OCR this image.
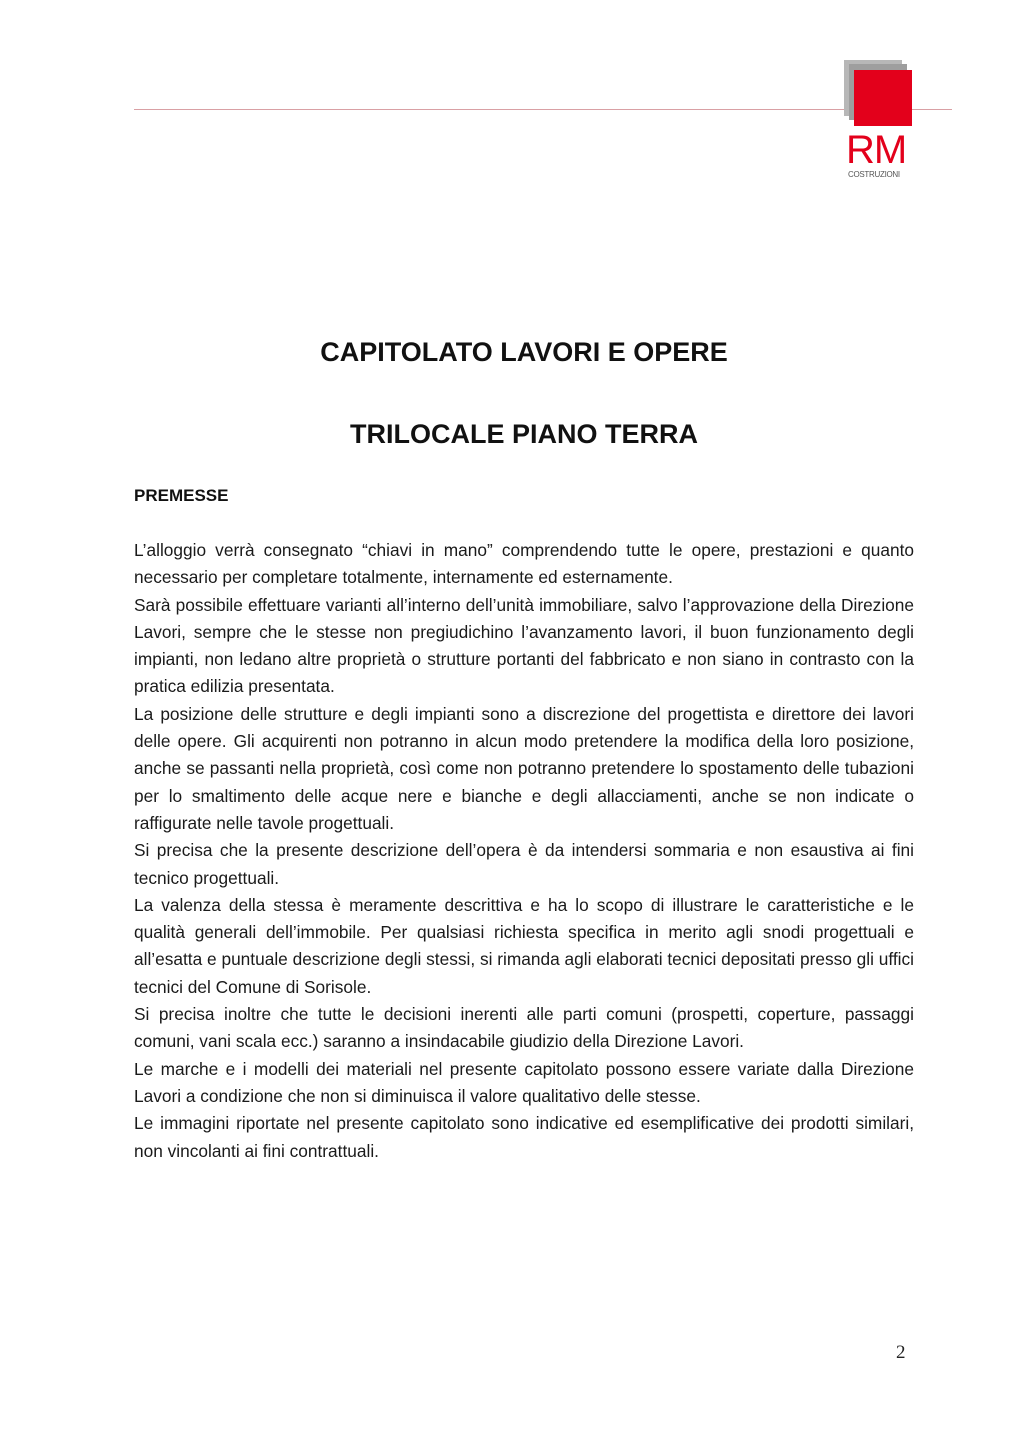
RM
COSTRUZIONI
CAPITOLATO LAVORI E OPERE
TRILOCALE PIANO TERRA
PREMESSE

L’alloggio verrà consegnato “chiavi in mano” comprendendo tutte le opere, prestazioni e quanto necessario per completare totalmente, internamente ed esternamente.

Sarà possibile effettuare varianti all’interno dell’unità immobiliare, salvo l’approvazione della Direzione Lavori, sempre che le stesse non pregiudichino l’avanzamento lavori, il buon funzionamento degli impianti, non ledano altre proprietà o strutture portanti del fabbricato e non siano in contrasto con la pratica edilizia presentata.

La posizione delle strutture e degli impianti sono a discrezione del progettista e direttore dei lavori delle opere. Gli acquirenti non potranno in alcun modo pretendere la modifica della loro posizione, anche se passanti nella proprietà, così come non potranno pretendere lo spostamento delle tubazioni per lo smaltimento delle acque nere e bianche e degli allacciamenti, anche se non indicate o raffigurate nelle tavole progettuali.

Si precisa che la presente descrizione dell’opera è da intendersi sommaria e non esaustiva ai fini tecnico progettuali.

La valenza della stessa è meramente descrittiva e ha lo scopo di illustrare le caratteristiche e le qualità generali dell’immobile. Per qualsiasi richiesta specifica in merito agli snodi progettuali e all’esatta e puntuale descrizione degli stessi, si rimanda agli elaborati tecnici depositati presso gli uffici tecnici del Comune di Sorisole.

Si precisa inoltre che tutte le decisioni inerenti alle parti comuni (prospetti, coperture, passaggi comuni, vani scala ecc.) saranno a insindacabile giudizio della Direzione Lavori.

Le marche e i modelli dei materiali nel presente capitolato possono essere variate dalla Direzione Lavori a condizione che non si diminuisca il valore qualitativo delle stesse.

Le immagini riportate nel presente capitolato sono indicative ed esemplificative dei prodotti similari, non vincolanti ai fini contrattuali.

2
